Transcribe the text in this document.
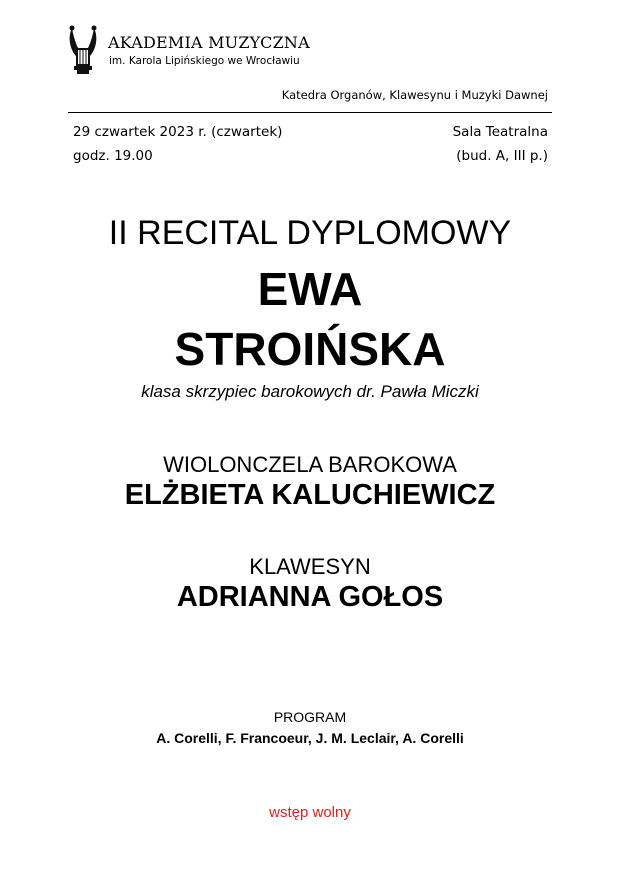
AKADEMIA MUZYCZNA
im. Karola Lipińskiego we Wrocławiu
Katedra Organów, Klawesynu i Muzyki Dawnej
29 czwartek 2023 r. (czwartek)
godz. 19.00
Sala Teatralna
(bud. A, III p.)
II RECITAL DYPLOMOWY
EWA
STROIŃSKA
klasa skrzypiec barokowych dr. Pawła Miczki
WIOLONCZELA BAROKOWA
ELŻBIETA KALUCHIEWICZ
KLAWESYN
ADRIANNA GOŁOS
PROGRAM
A. Corelli, F. Francoeur, J. M. Leclair, A. Corelli
wstęp wolny
